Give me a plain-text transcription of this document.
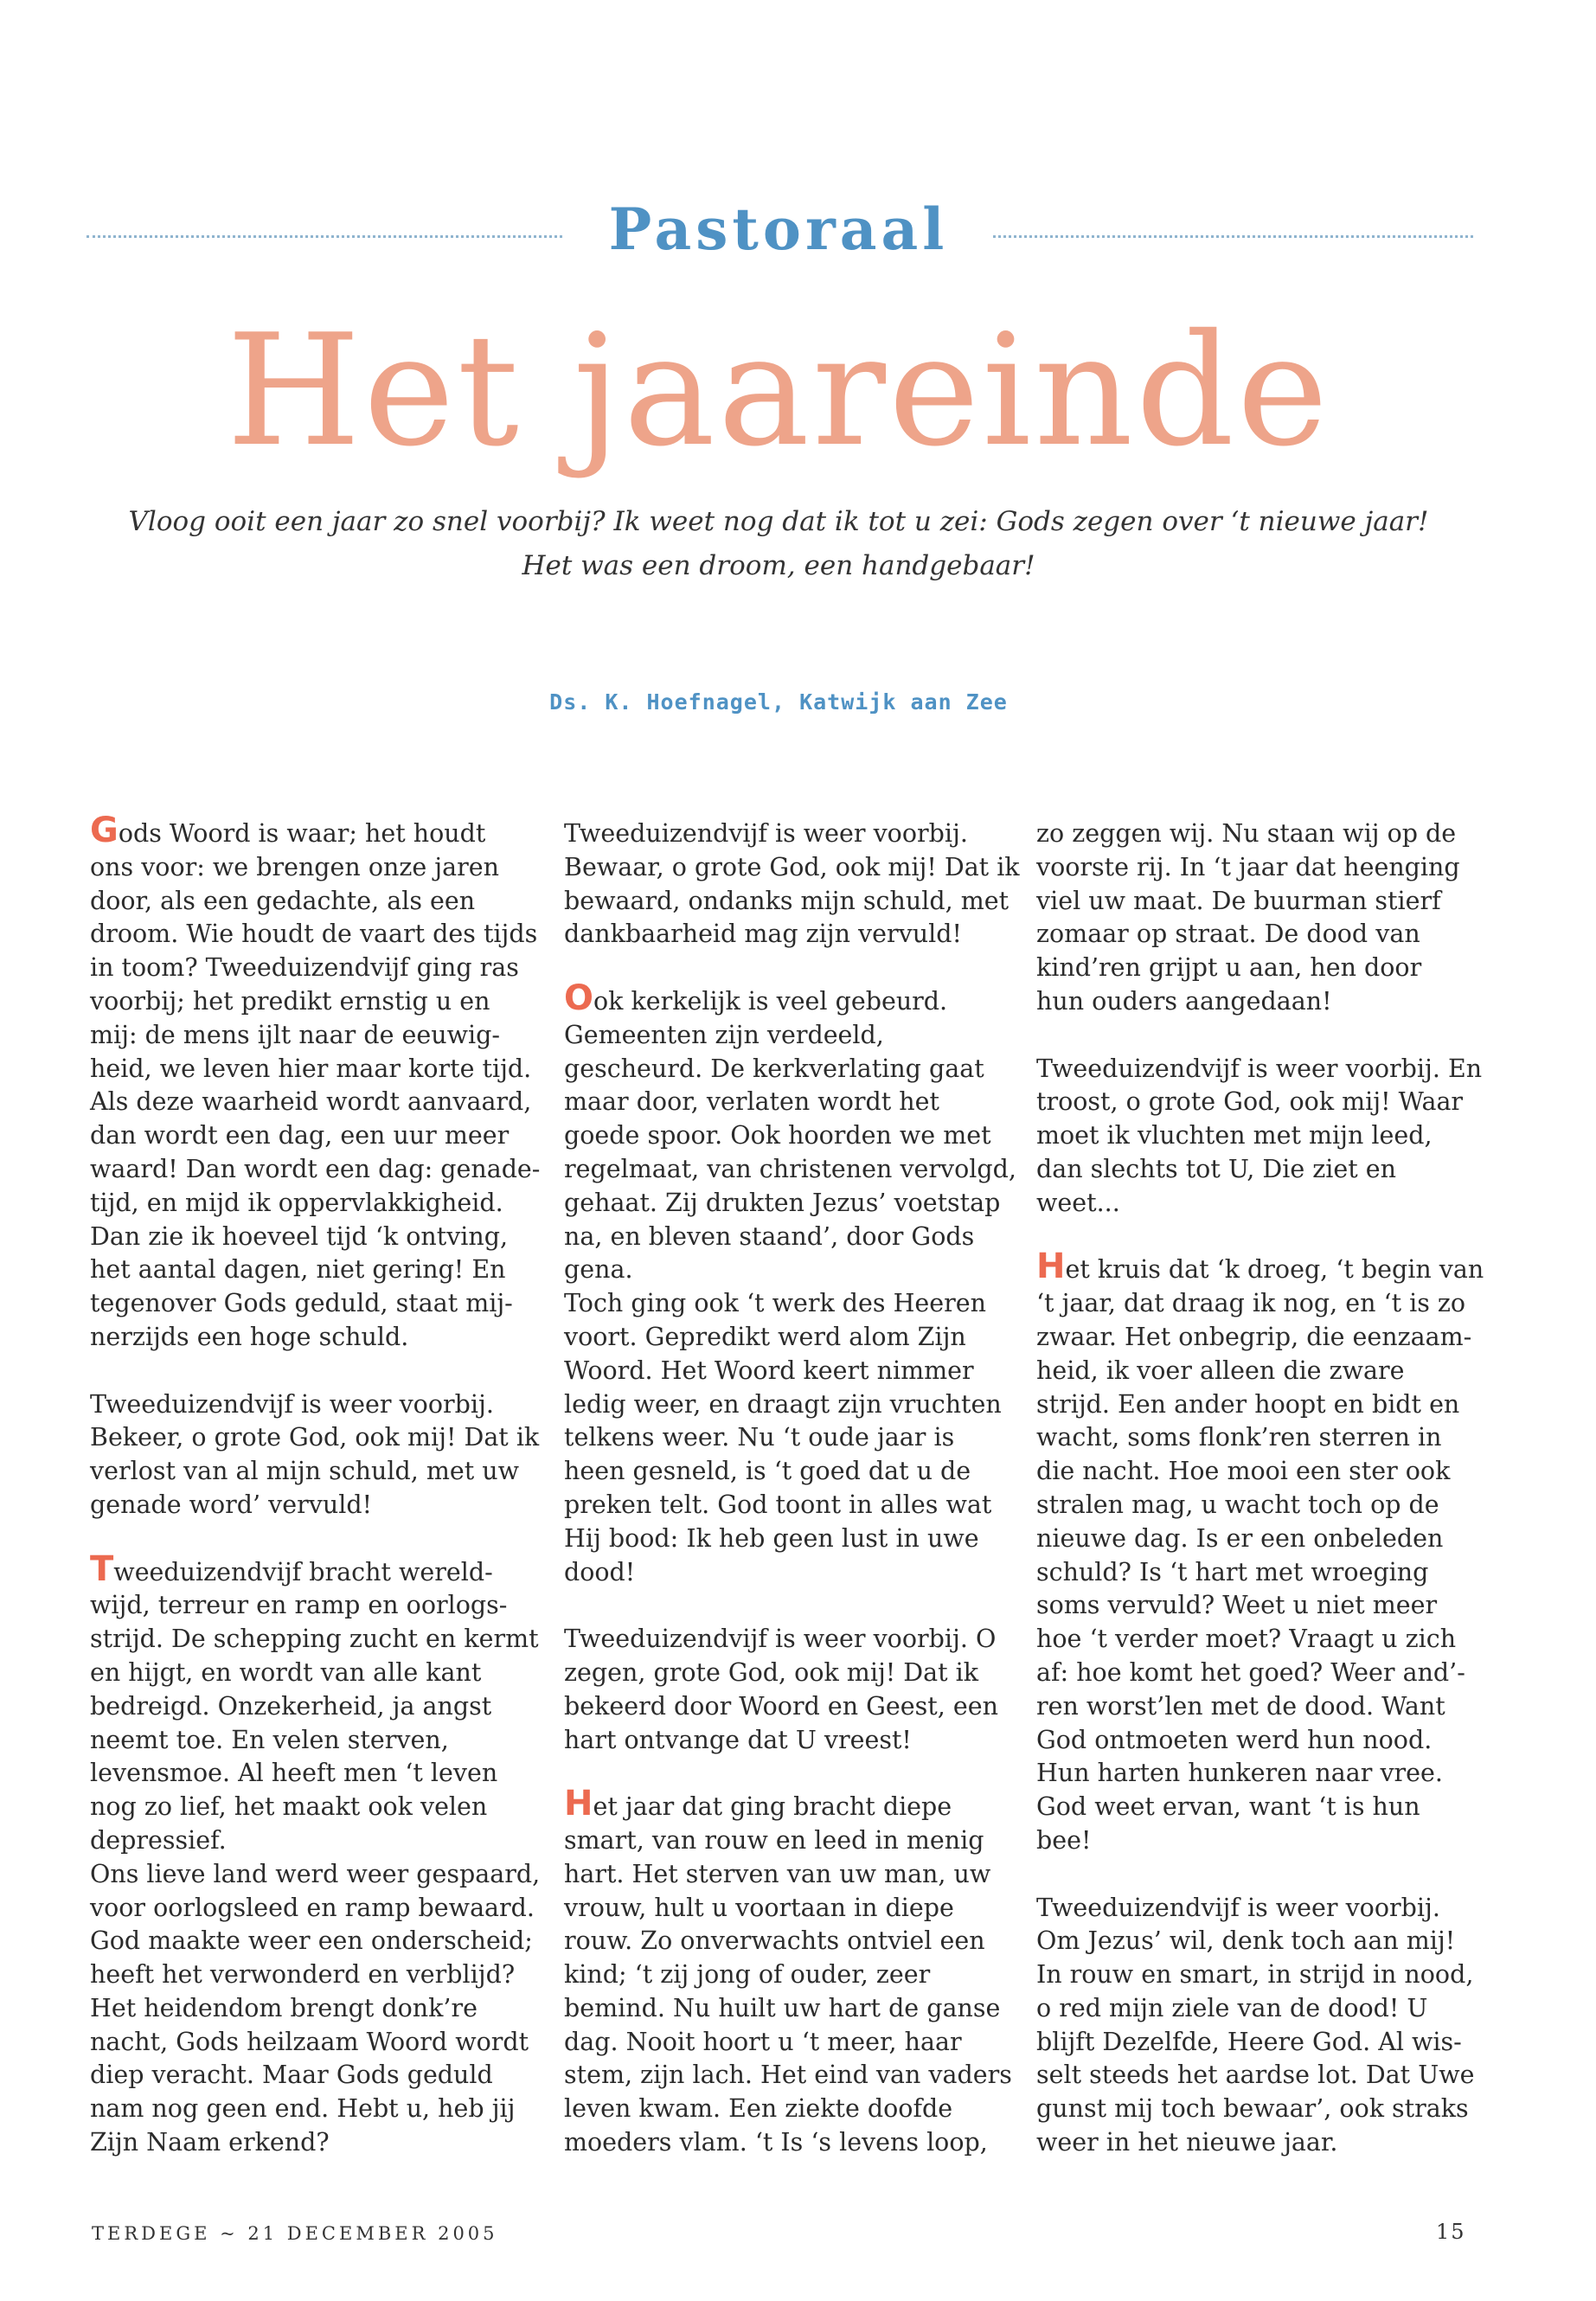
Pastoraal
Het jaareinde
Vloog ooit een jaar zo snel voorbij? Ik weet nog dat ik tot u zei: Gods zegen over ‘t nieuwe jaar!
Het was een droom, een handgebaar!
Ds. K. Hoefnagel, Katwijk aan Zee
Gods Woord is waar; het houdt
ons voor: we brengen onze jaren
door, als een gedachte, als een
droom. Wie houdt de vaart des tijds
in toom? Tweeduizendvijf ging ras
voorbij; het predikt ernstig u en
mij: de mens ijlt naar de eeuwig-
heid, we leven hier maar korte tijd.
Als deze waarheid wordt aanvaard,
dan wordt een dag, een uur meer
waard! Dan wordt een dag: genade-
tijd, en mijd ik oppervlakkigheid.
Dan zie ik hoeveel tijd ‘k ontving,
het aantal dagen, niet gering! En
tegenover Gods geduld, staat mij-
nerzijds een hoge schuld.
Tweeduizendvijf is weer voorbij.
Bekeer, o grote God, ook mij! Dat ik
verlost van al mijn schuld, met uw
genade word’ vervuld!
Tweeduizendvijf bracht wereld-
wijd, terreur en ramp en oorlogs-
strijd. De schepping zucht en kermt
en hijgt, en wordt van alle kant
bedreigd. Onzekerheid, ja angst
neemt toe. En velen sterven,
levensmoe. Al heeft men ‘t leven
nog zo lief, het maakt ook velen
depressief.
Ons lieve land werd weer gespaard,
voor oorlogsleed en ramp bewaard.
God maakte weer een onderscheid;
heeft het verwonderd en verblijd?
Het heidendom brengt donk’re
nacht, Gods heilzaam Woord wordt
diep veracht. Maar Gods geduld
nam nog geen end. Hebt u, heb jij
Zijn Naam erkend?
Tweeduizendvijf is weer voorbij.
Bewaar, o grote God, ook mij! Dat ik
bewaard, ondanks mijn schuld, met
dankbaarheid mag zijn vervuld!
Ook kerkelijk is veel gebeurd.
Gemeenten zijn verdeeld,
gescheurd. De kerkverlating gaat
maar door, verlaten wordt het
goede spoor. Ook hoorden we met
regelmaat, van christenen vervolgd,
gehaat. Zij drukten Jezus’ voetstap
na, en bleven staand’, door Gods
gena.
Toch ging ook ‘t werk des Heeren
voort. Gepredikt werd alom Zijn
Woord. Het Woord keert nimmer
ledig weer, en draagt zijn vruchten
telkens weer. Nu ‘t oude jaar is
heen gesneld, is ‘t goed dat u de
preken telt. God toont in alles wat
Hij bood: Ik heb geen lust in uwe
dood!
Tweeduizendvijf is weer voorbij. O
zegen, grote God, ook mij! Dat ik
bekeerd door Woord en Geest, een
hart ontvange dat U vreest!
Het jaar dat ging bracht diepe
smart, van rouw en leed in menig
hart. Het sterven van uw man, uw
vrouw, hult u voortaan in diepe
rouw. Zo onverwachts ontviel een
kind; ‘t zij jong of ouder, zeer
bemind. Nu huilt uw hart de ganse
dag. Nooit hoort u ‘t meer, haar
stem, zijn lach. Het eind van vaders
leven kwam. Een ziekte doofde
moeders vlam. ‘t Is ‘s levens loop,
zo zeggen wij. Nu staan wij op de
voorste rij. In ‘t jaar dat heenging
viel uw maat. De buurman stierf
zomaar op straat. De dood van
kind’ren grijpt u aan, hen door
hun ouders aangedaan!
Tweeduizendvijf is weer voorbij. En
troost, o grote God, ook mij! Waar
moet ik vluchten met mijn leed,
dan slechts tot U, Die ziet en
weet...
Het kruis dat ‘k droeg, ‘t begin van
‘t jaar, dat draag ik nog, en ‘t is zo
zwaar. Het onbegrip, die eenzaam-
heid, ik voer alleen die zware
strijd. Een ander hoopt en bidt en
wacht, soms flonk’ren sterren in
die nacht. Hoe mooi een ster ook
stralen mag, u wacht toch op de
nieuwe dag. Is er een onbeleden
schuld? Is ‘t hart met wroeging
soms vervuld? Weet u niet meer
hoe ‘t verder moet? Vraagt u zich
af: hoe komt het goed? Weer and’-
ren worst’len met de dood. Want
God ontmoeten werd hun nood.
Hun harten hunkeren naar vree.
God weet ervan, want ‘t is hun
bee!
Tweeduizendvijf is weer voorbij.
Om Jezus’ wil, denk toch aan mij!
In rouw en smart, in strijd in nood,
o red mijn ziele van de dood! U
blijft Dezelfde, Heere God. Al wis-
selt steeds het aardse lot. Dat Uwe
gunst mij toch bewaar’, ook straks
weer in het nieuwe jaar.
TERDEGE ~ 21 DECEMBER 2005	15
